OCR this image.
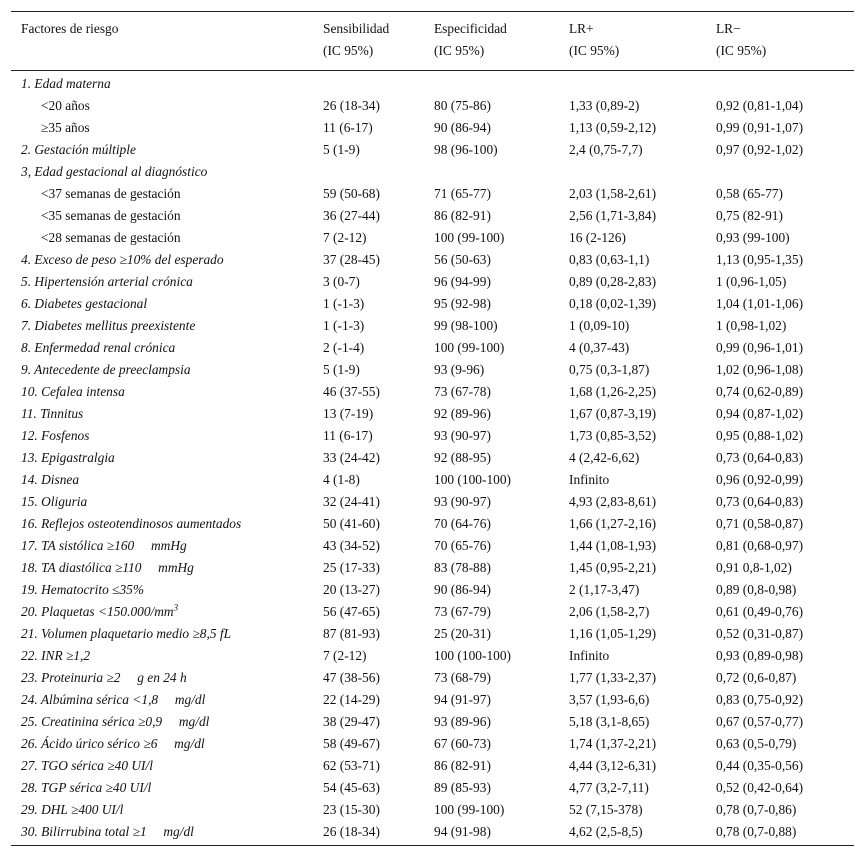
Factores de riesgo	Sensibilidad	Especificidad	LR+	LR−
	(IC 95%)	(IC 95%)	(IC 95%)	(IC 95%)
1. Edad materna				
<20 años	26 (18-34)	80 (75-86)	1,33 (0,89-2)	0,92 (0,81-1,04)
≥35 años	11 (6-17)	90 (86-94)	1,13 (0,59-2,12)	0,99 (0,91-1,07)
2. Gestación múltiple	5 (1-9)	98 (96-100)	2,4 (0,75-7,7)	0,97 (0,92-1,02)
3, Edad gestacional al diagnóstico				
<37 semanas de gestación	59 (50-68)	71 (65-77)	2,03 (1,58-2,61)	0,58 (65-77)
<35 semanas de gestación	36 (27-44)	86 (82-91)	2,56 (1,71-3,84)	0,75 (82-91)
<28 semanas de gestación	7 (2-12)	100 (99-100)	16 (2-126)	0,93 (99-100)
4. Exceso de peso ≥10% del esperado	37 (28-45)	56 (50-63)	0,83 (0,63-1,1)	1,13 (0,95-1,35)
5. Hipertensión arterial crónica	3 (0-7)	96 (94-99)	0,89 (0,28-2,83)	1 (0,96-1,05)
6. Diabetes gestacional	1 (-1-3)	95 (92-98)	0,18 (0,02-1,39)	1,04 (1,01-1,06)
7. Diabetes mellitus preexistente	1 (-1-3)	99 (98-100)	1 (0,09-10)	1 (0,98-1,02)
8. Enfermedad renal crónica	2 (-1-4)	100 (99-100)	4 (0,37-43)	0,99 (0,96-1,01)
9. Antecedente de preeclampsia	5 (1-9)	93 (9-96)	0,75 (0,3-1,87)	1,02 (0,96-1,08)
10. Cefalea intensa	46 (37-55)	73 (67-78)	1,68 (1,26-2,25)	0,74 (0,62-0,89)
11. Tinnitus	13 (7-19)	92 (89-96)	1,67 (0,87-3,19)	0,94 (0,87-1,02)
12. Fosfenos	11 (6-17)	93 (90-97)	1,73 (0,85-3,52)	0,95 (0,88-1,02)
13. Epigastralgia	33 (24-42)	92 (88-95)	4 (2,42-6,62)	0,73 (0,64-0,83)
14. Disnea	4 (1-8)	100 (100-100)	Infinito	0,96 (0,92-0,99)
15. Oliguria	32 (24-41)	93 (90-97)	4,93 (2,83-8,61)	0,73 (0,64-0,83)
16. Reflejos osteotendinosos aumentados	50 (41-60)	70 (64-76)	1,66 (1,27-2,16)	0,71 (0,58-0,87)
17. TA sistólica ≥160     mmHg	43 (34-52)	70 (65-76)	1,44 (1,08-1,93)	0,81 (0,68-0,97)
18. TA diastólica ≥110     mmHg	25 (17-33)	83 (78-88)	1,45 (0,95-2,21)	0,91 0,8-1,02)
19. Hematocrito ≤35%	20 (13-27)	90 (86-94)	2 (1,17-3,47)	0,89 (0,8-0,98)
20. Plaquetas $<150.000/mm^3$	56 (47-65)	73 (67-79)	2,06 (1,58-2,7)	0,61 (0,49-0,76)
21. Volumen plaquetario medio ≥8,5 fL	87 (81-93)	25 (20-31)	1,16 (1,05-1,29)	0,52 (0,31-0,87)
22. INR ≥1,2	7 (2-12)	100 (100-100)	Infinito	0,93 (0,89-0,98)
23. Proteinuria ≥2     g en 24 h	47 (38-56)	73 (68-79)	1,77 (1,33-2,37)	0,72 (0,6-0,87)
24. Albúmina sérica <1,8     mg/dl	22 (14-29)	94 (91-97)	3,57 (1,93-6,6)	0,83 (0,75-0,92)
25. Creatinina sérica ≥0,9     mg/dl	38 (29-47)	93 (89-96)	5,18 (3,1-8,65)	0,67 (0,57-0,77)
26. Ácido úrico sérico ≥6     mg/dl	58 (49-67)	67 (60-73)	1,74 (1,37-2,21)	0,63 (0,5-0,79)
27. TGO sérica ≥40 UI/l	62 (53-71)	86 (82-91)	4,44 (3,12-6,31)	0,44 (0,35-0,56)
28. TGP sérica ≥40 UI/l	54 (45-63)	89 (85-93)	4,77 (3,2-7,11)	0,52 (0,42-0,64)
29. DHL ≥400 UI/l	23 (15-30)	100 (99-100)	52 (7,15-378)	0,78 (0,7-0,86)
30. Bilirrubina total ≥1     mg/dl	26 (18-34)	94 (91-98)	4,62 (2,5-8,5)	0,78 (0,7-0,88)
